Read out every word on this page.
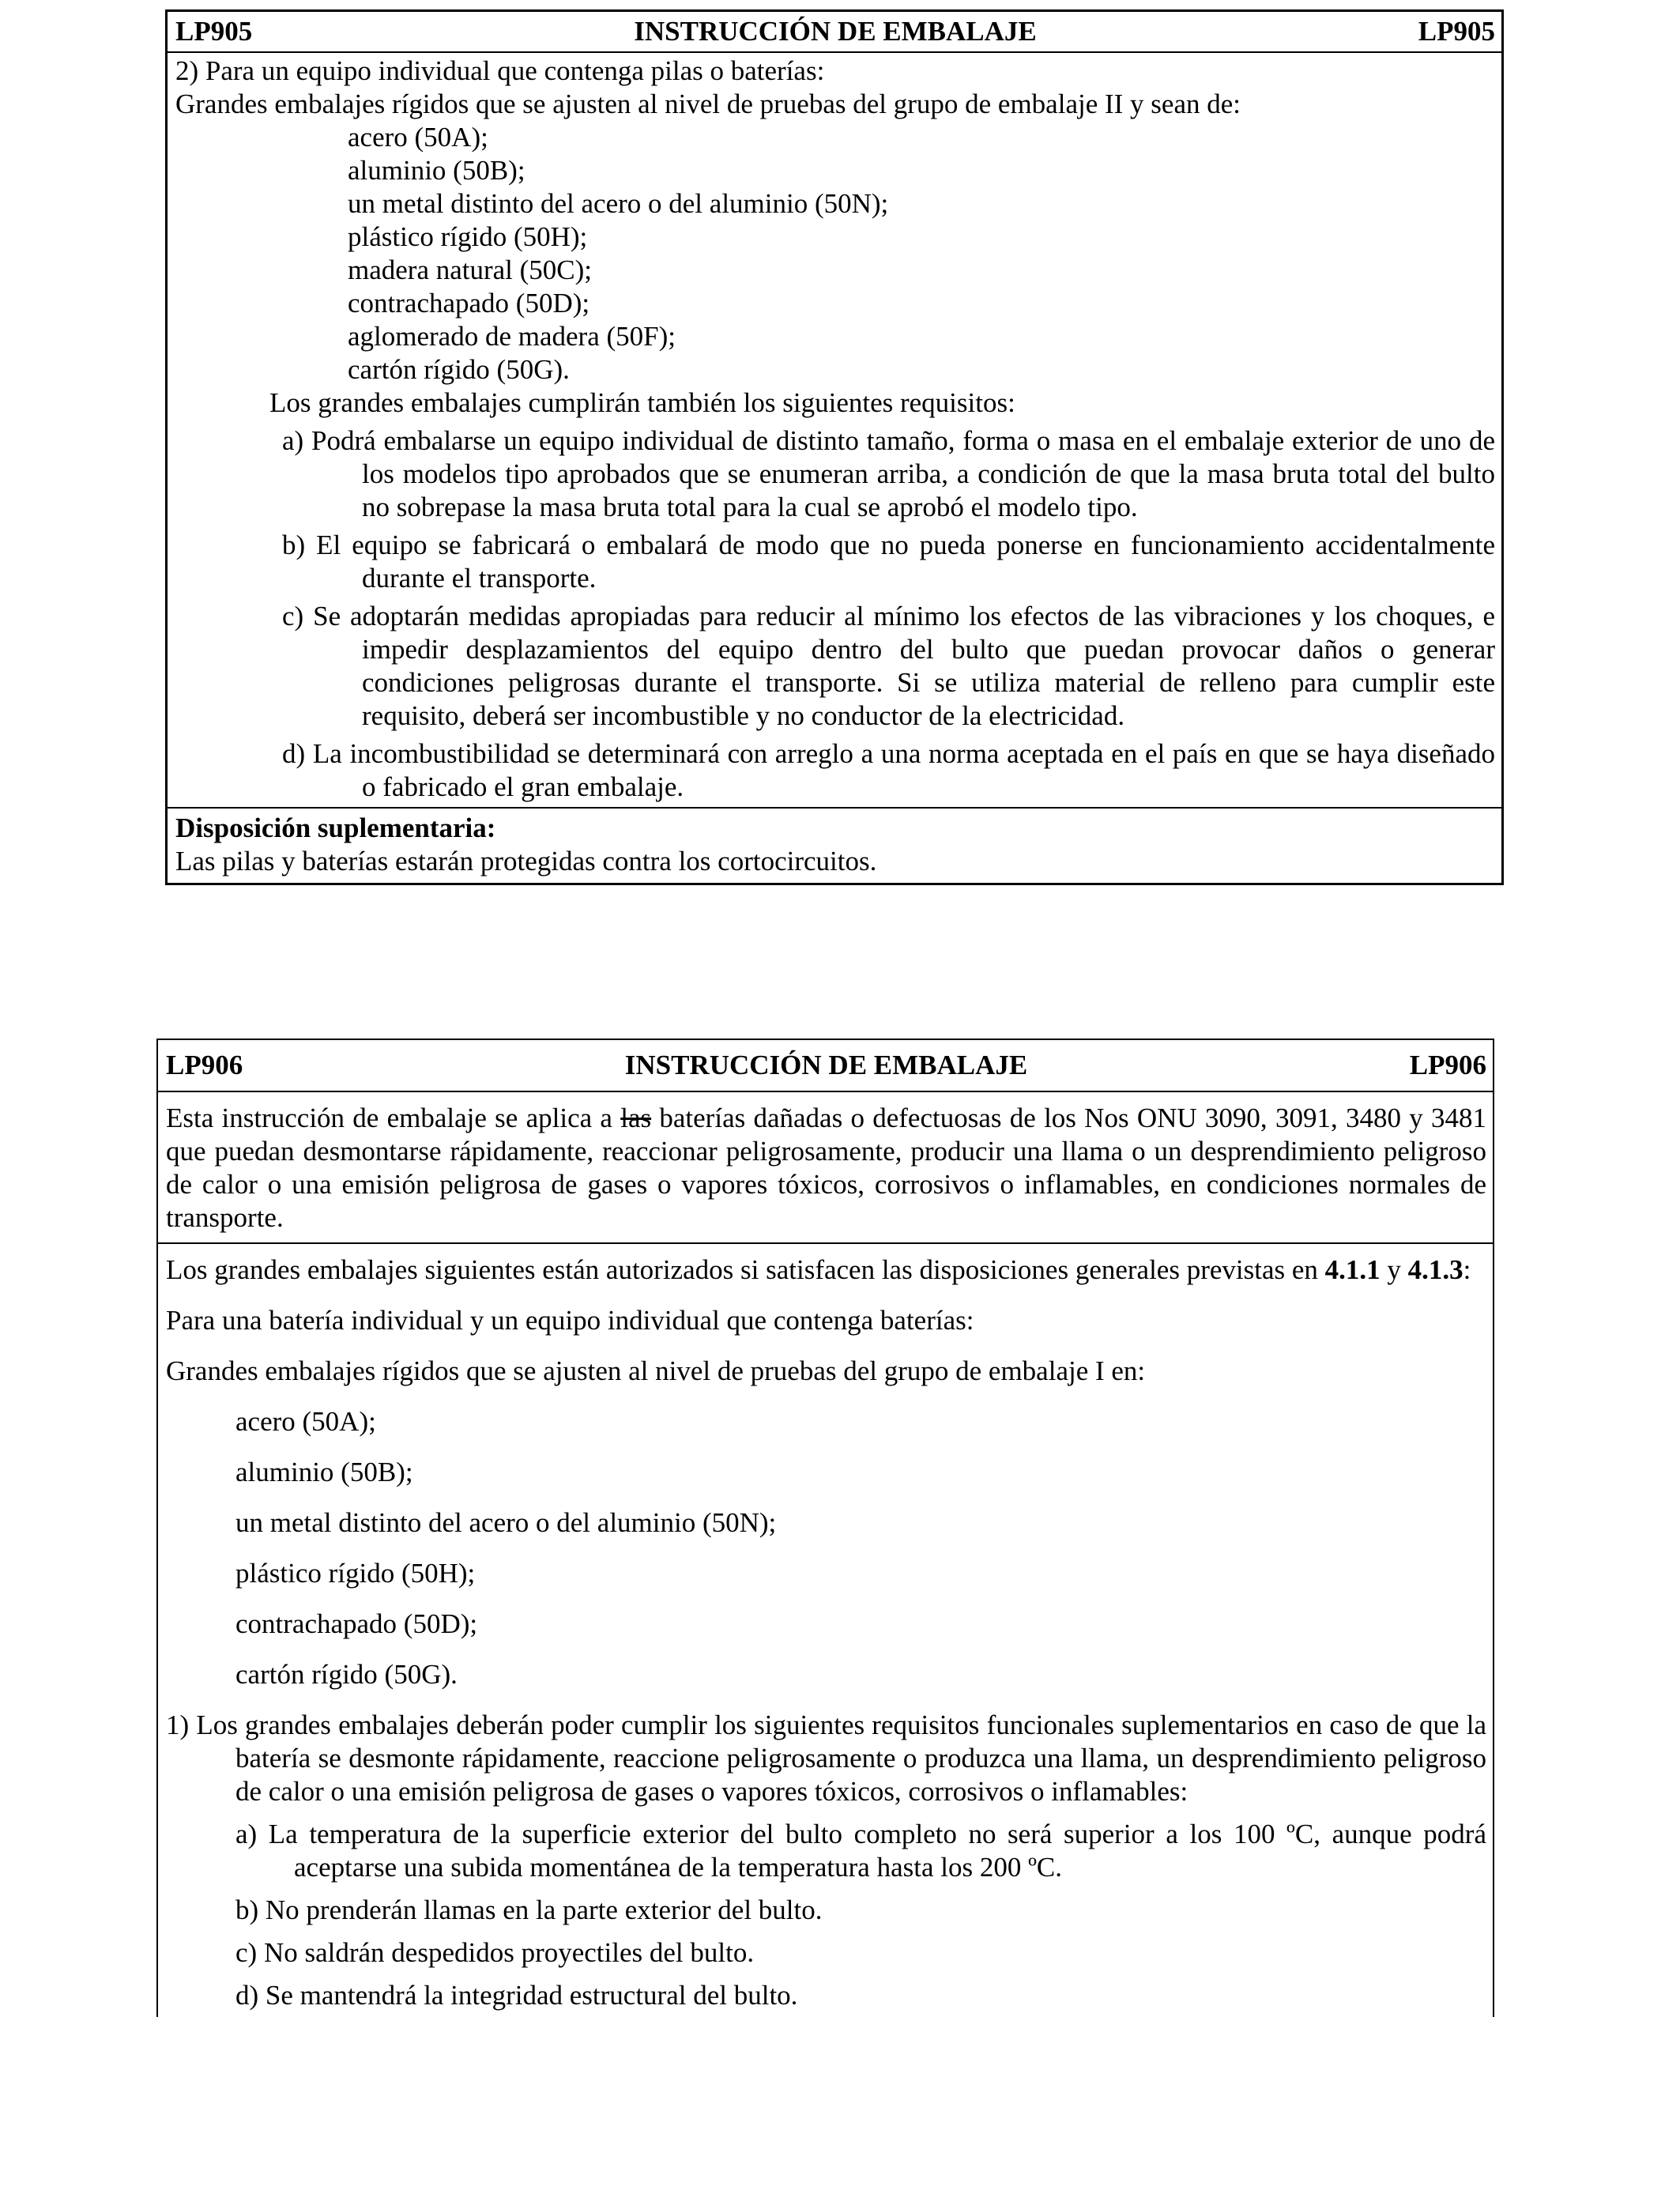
LP905	INSTRUCCIÓN DE EMBALAJE	LP905

2) Para un equipo individual que contenga pilas o baterías:

Grandes embalajes rígidos que se ajusten al nivel de pruebas del grupo de embalaje II y sean de:

acero (50A);

aluminio (50B);

un metal distinto del acero o del aluminio (50N);

plástico rígido (50H);

madera natural (50C);

contrachapado (50D);

aglomerado de madera (50F);

cartón rígido (50G).

Los grandes embalajes cumplirán también los siguientes requisitos:

a) Podrá embalarse un equipo individual de distinto tamaño, forma o masa en el embalaje exterior de uno de los modelos tipo aprobados que se enumeran arriba, a condición de que la masa bruta total del bulto no sobrepase la masa bruta total para la cual se aprobó el modelo tipo.

b) El equipo se fabricará o embalará de modo que no pueda ponerse en funcionamiento accidentalmente durante el transporte.

c) Se adoptarán medidas apropiadas para reducir al mínimo los efectos de las vibraciones y los choques, e impedir desplazamientos del equipo dentro del bulto que puedan provocar daños o generar condiciones peligrosas durante el transporte. Si se utiliza material de relleno para cumplir este requisito, deberá ser incombustible y no conductor de la electricidad.

d) La incombustibilidad se determinará con arreglo a una norma aceptada en el país en que se haya diseñado o fabricado el gran embalaje.

Disposición suplementaria:

Las pilas y baterías estarán protegidas contra los cortocircuitos.

LP906	INSTRUCCIÓN DE EMBALAJE	LP906

Esta instrucción de embalaje se aplica a las baterías dañadas o defectuosas de los Nos ONU 3090, 3091, 3480 y 3481 que puedan desmontarse rápidamente, reaccionar peligrosamente, producir una llama o un desprendimiento peligroso de calor o una emisión peligrosa de gases o vapores tóxicos, corrosivos o inflamables, en condiciones normales de transporte.

Los grandes embalajes siguientes están autorizados si satisfacen las disposiciones generales previstas en 4.1.1 y 4.1.3:

Para una batería individual y un equipo individual que contenga baterías:

Grandes embalajes rígidos que se ajusten al nivel de pruebas del grupo de embalaje I en:

acero (50A);

aluminio (50B);

un metal distinto del acero o del aluminio (50N);

plástico rígido (50H);

contrachapado (50D);

cartón rígido (50G).

1) Los grandes embalajes deberán poder cumplir los siguientes requisitos funcionales suplementarios en caso de que la batería se desmonte rápidamente, reaccione peligrosamente o produzca una llama, un desprendimiento peligroso de calor o una emisión peligrosa de gases o vapores tóxicos, corrosivos o inflamables:

a) La temperatura de la superficie exterior del bulto completo no será superior a los 100 ºC, aunque podrá aceptarse una subida momentánea de la temperatura hasta los 200 ºC.

b) No prenderán llamas en la parte exterior del bulto.

c) No saldrán despedidos proyectiles del bulto.

d) Se mantendrá la integridad estructural del bulto.
